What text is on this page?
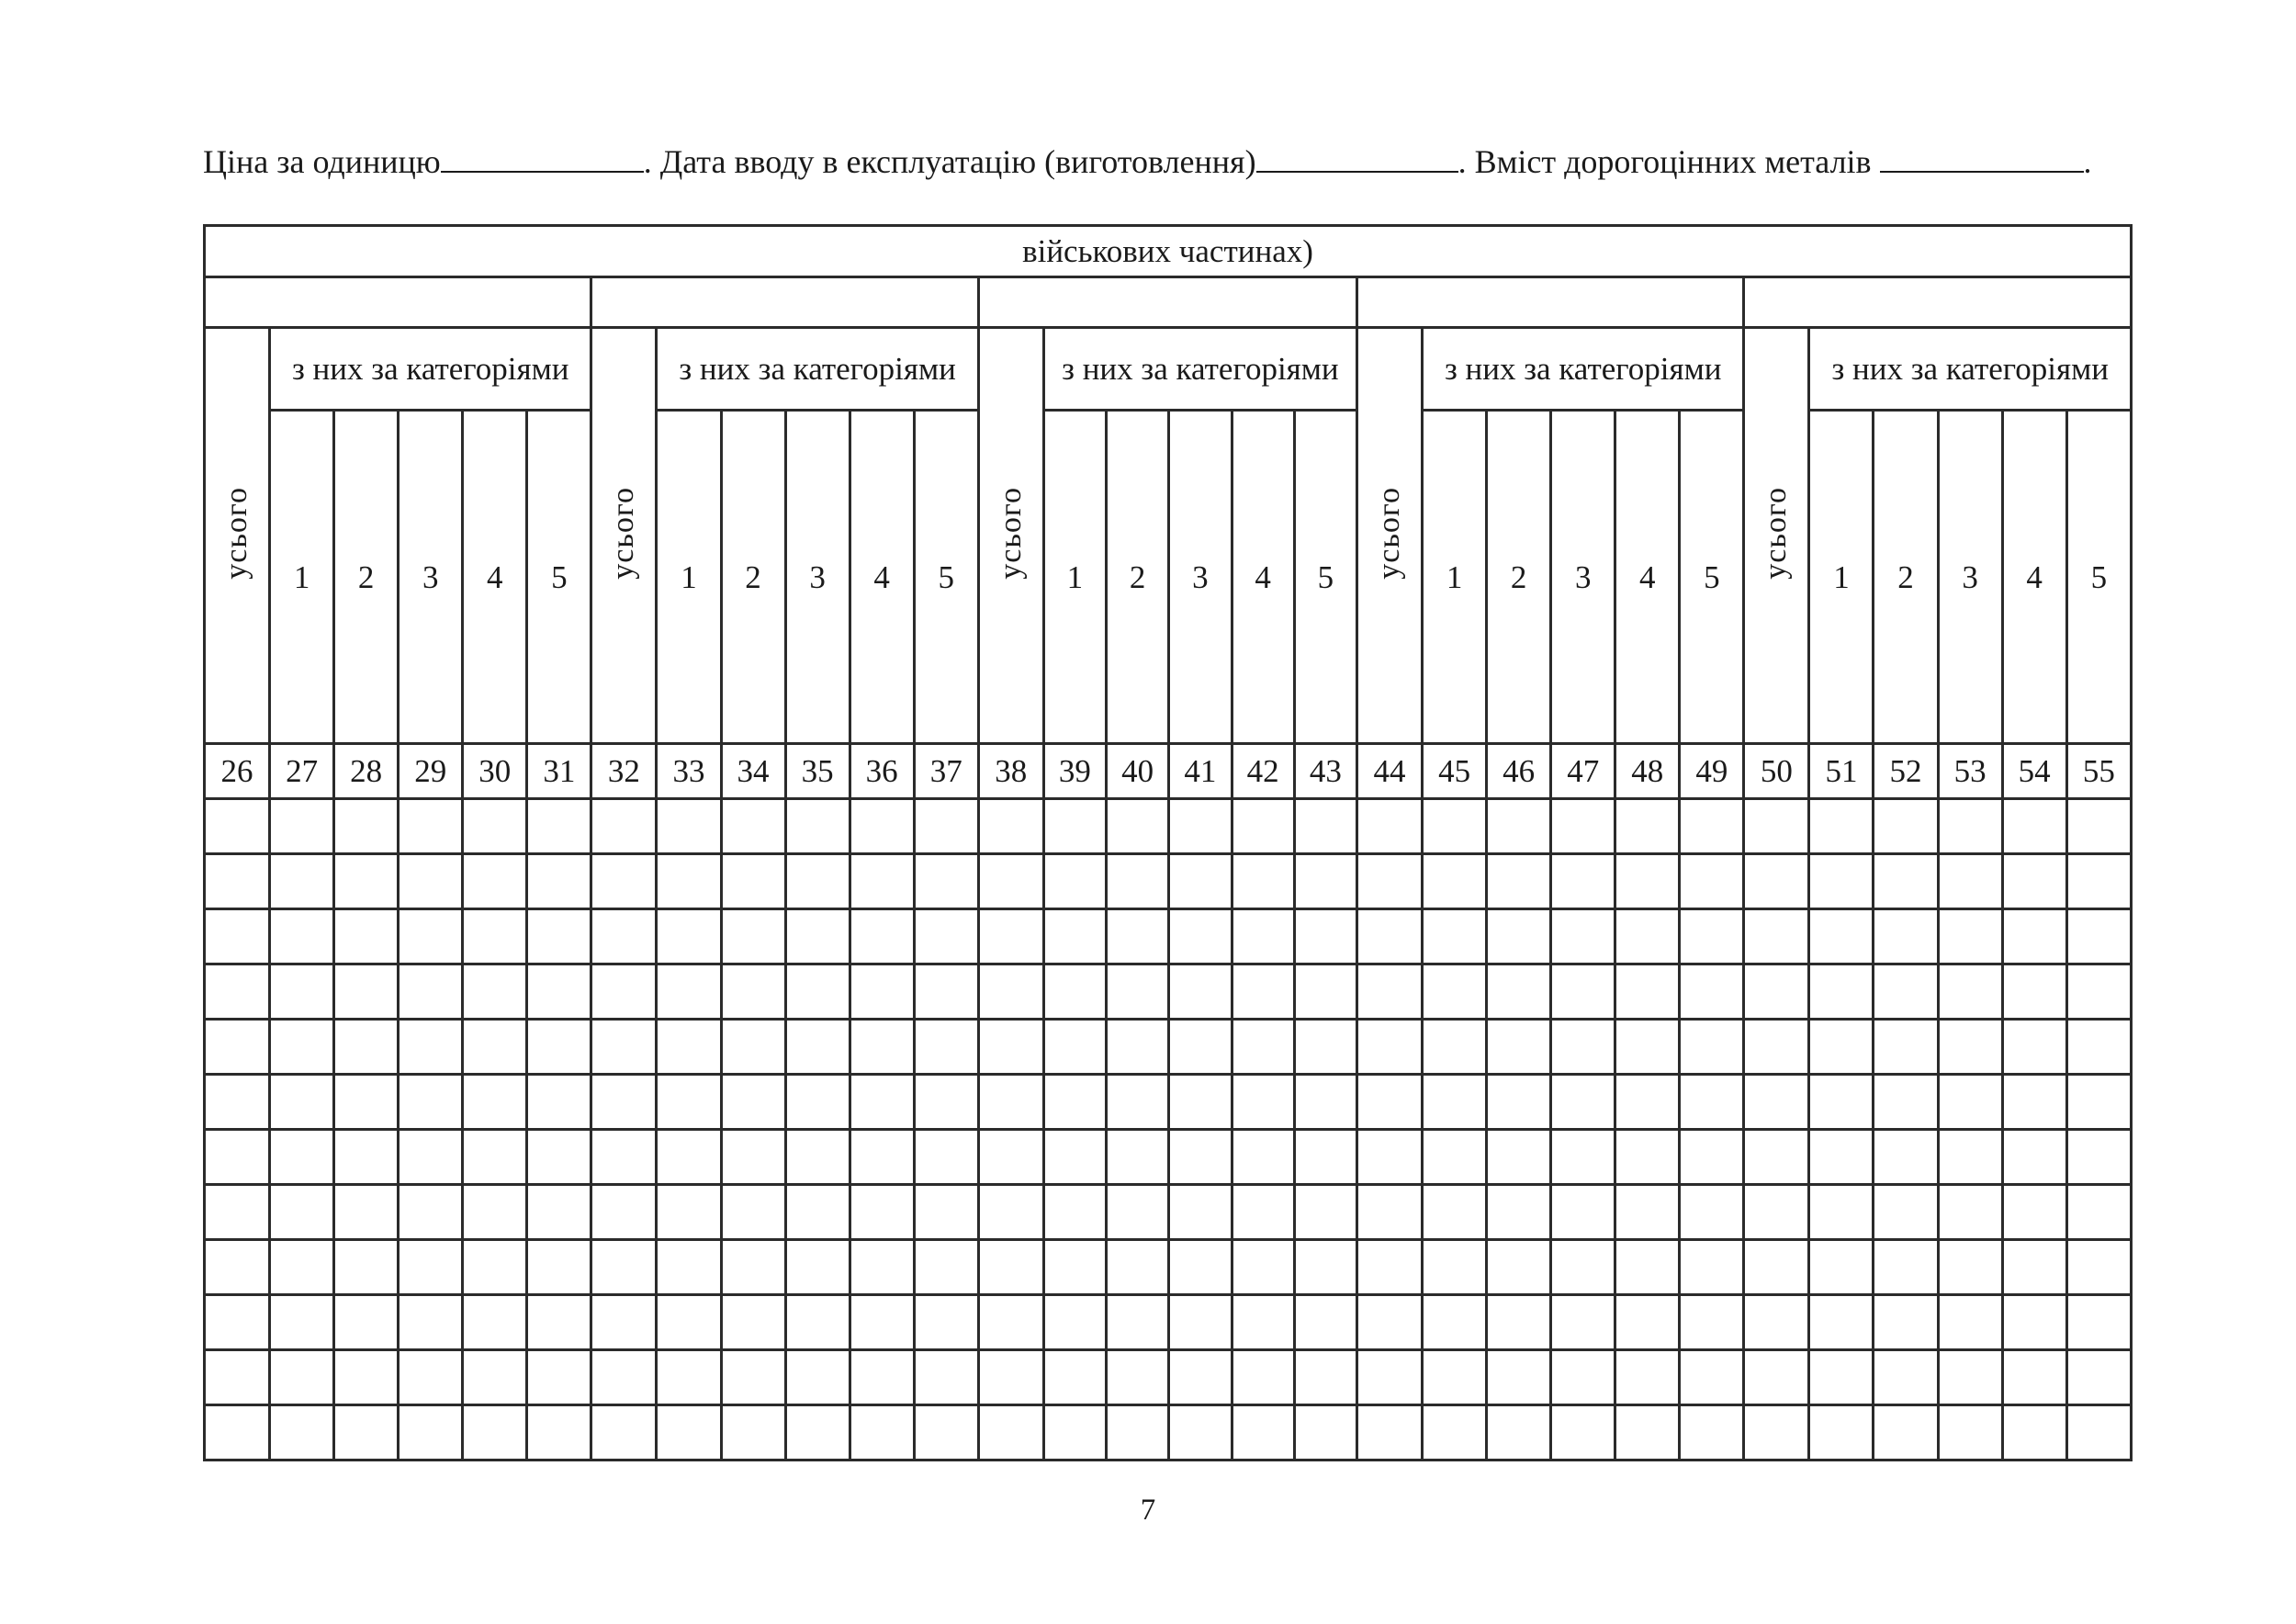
Ціна за одиницю	. Дата вводу в експлуатацію (виготовлення)	. Вміст дорогоцінних металів	.
військових частинах)																													

усього	з них за категоріями					усього	з них за категоріями					усього	з них за категоріями					усього	з них за категоріями					усього	з них за категоріями				
	1	2	3	4	5		1	2	3	4	5		1	2	3	4	5		1	2	3	4	5		1	2	3	4	5
26	27	28	29	30	31	32	33	34	35	36	37	38	39	40	41	42	43	44	45	46	47	48	49	50	51	52	53	54	55

7
